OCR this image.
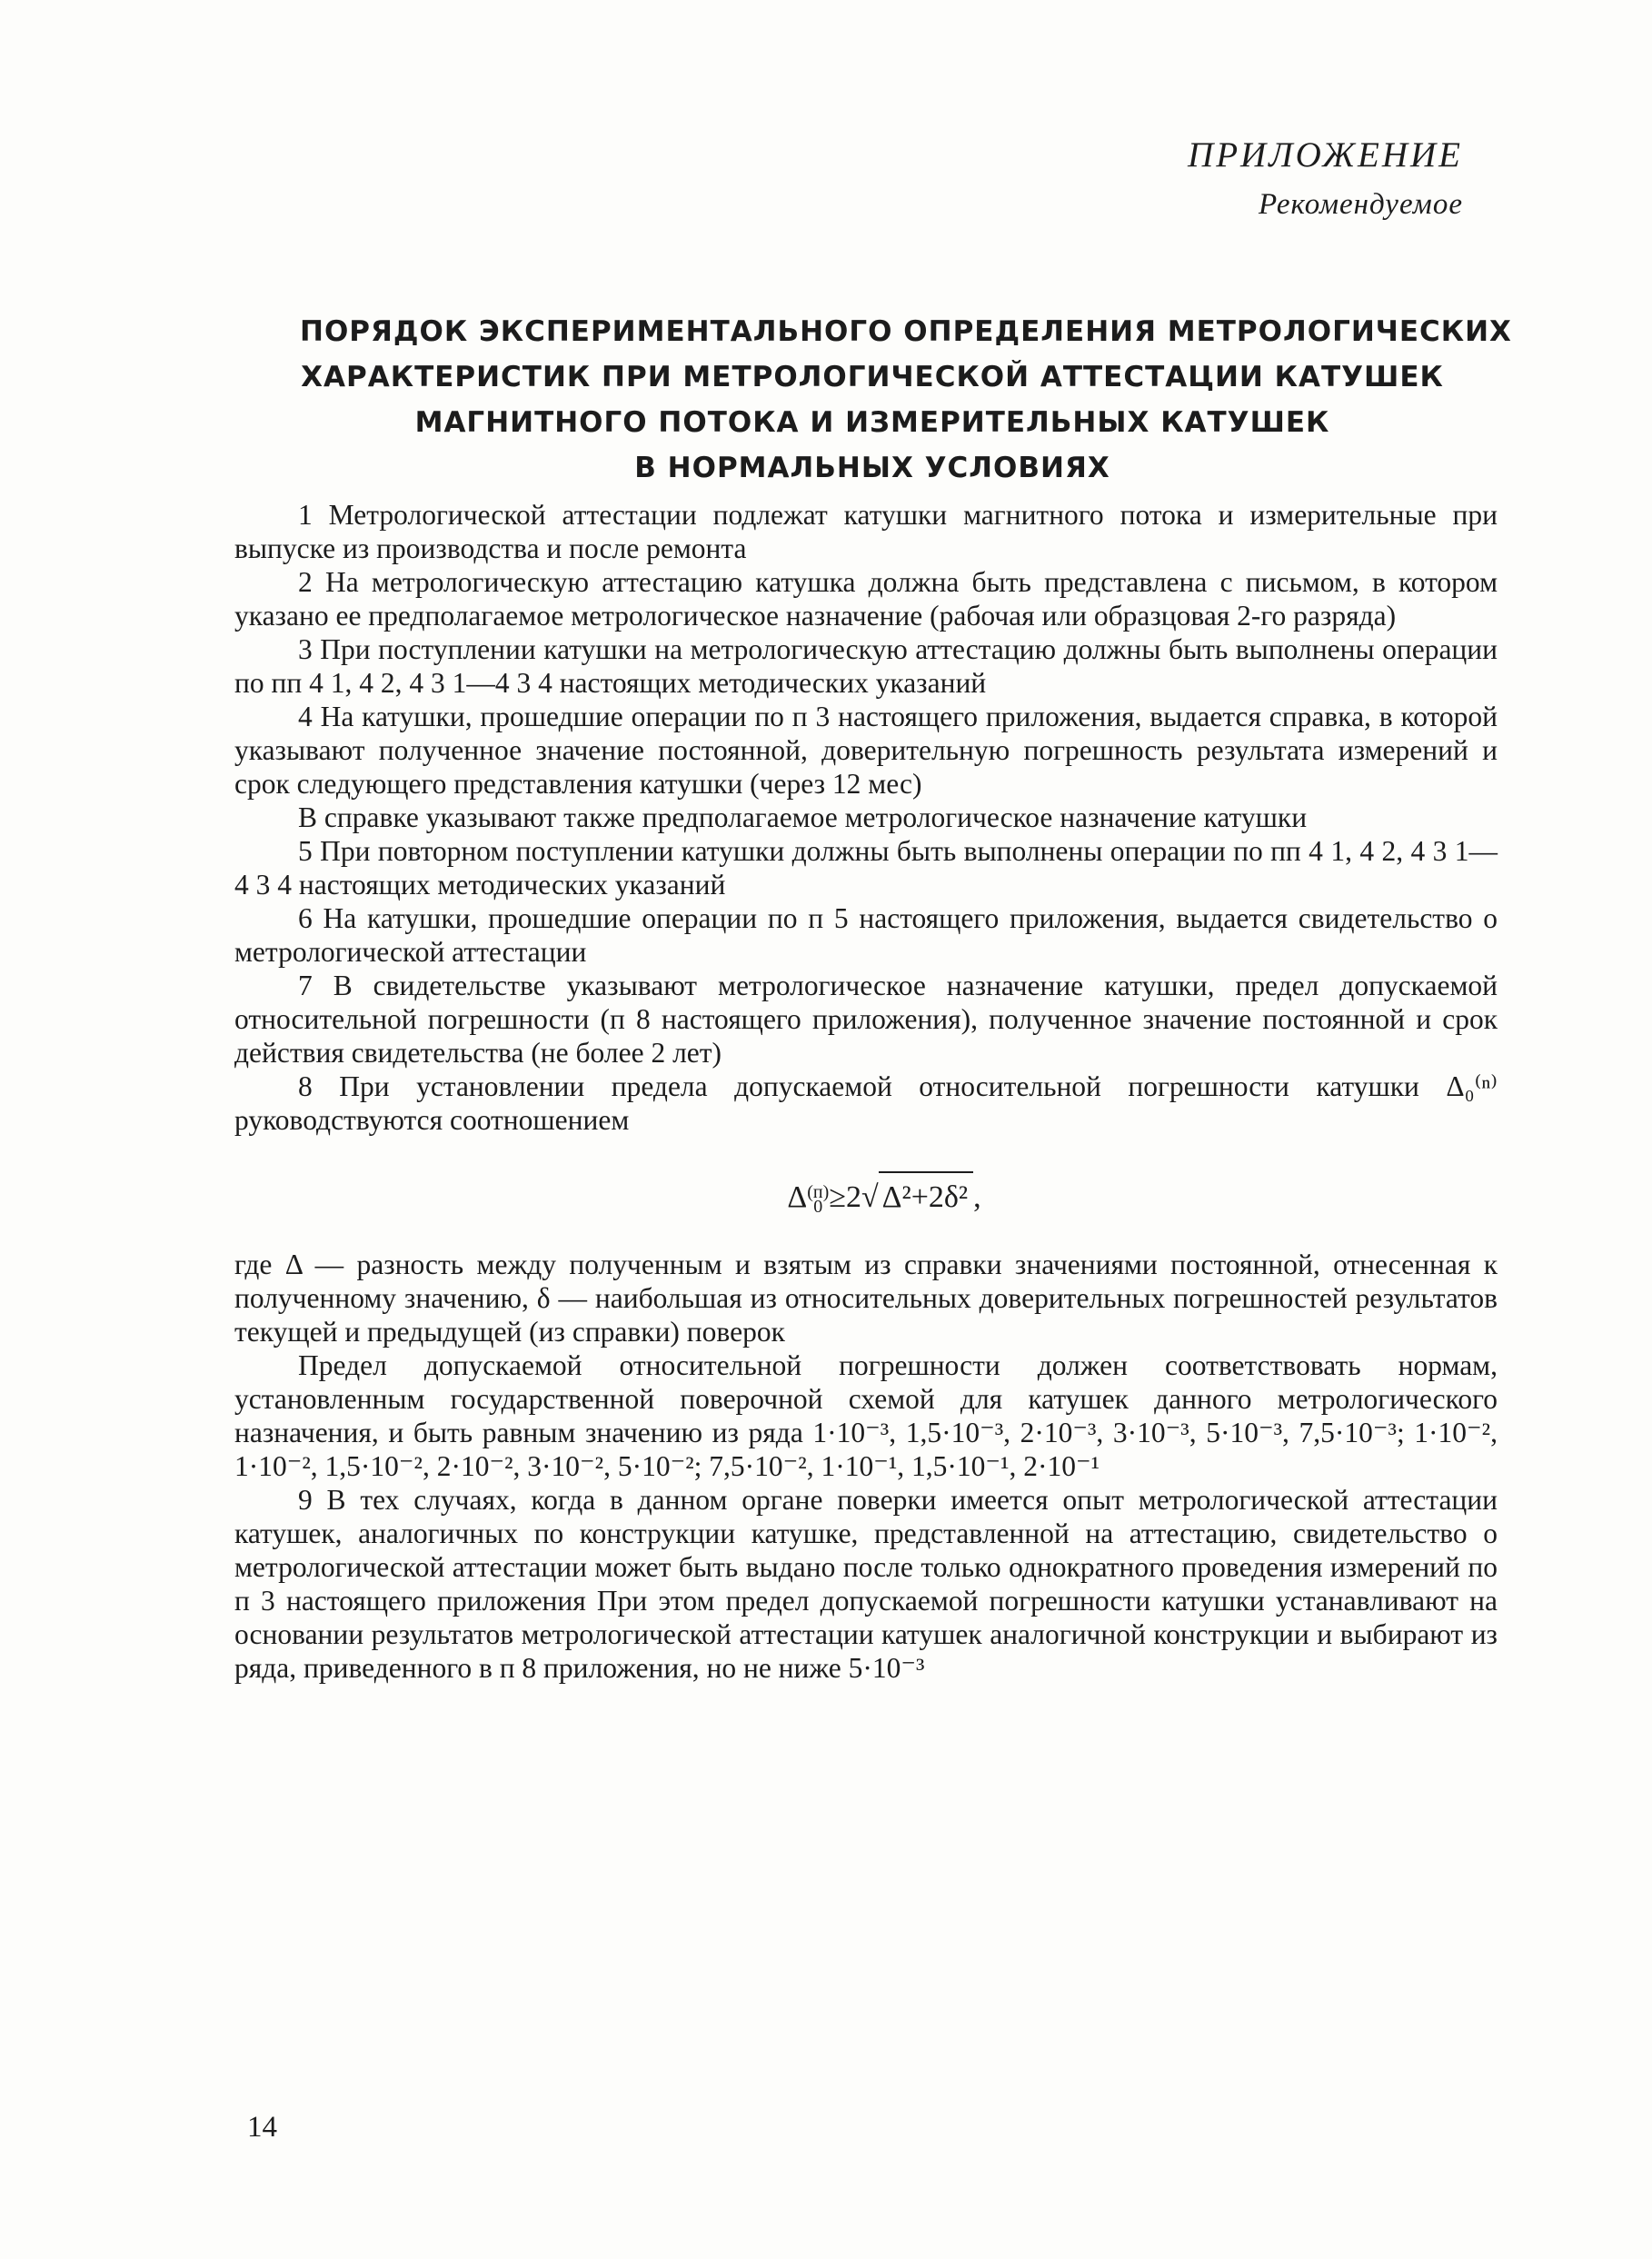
ПРИЛОЖЕНИЕ
Рекомендуемое
ПОРЯДОК ЭКСПЕРИМЕНТАЛЬНОГО ОПРЕДЕЛЕНИЯ МЕТРОЛОГИЧЕСКИХ
ХАРАКТЕРИСТИК ПРИ МЕТРОЛОГИЧЕСКОЙ АТТЕСТАЦИИ КАТУШЕК
МАГНИТНОГО ПОТОКА И ИЗМЕРИТЕЛЬНЫХ КАТУШЕК
В НОРМАЛЬНЫХ УСЛОВИЯХ

1 Метрологической аттестации подлежат катушки магнитного потока и измерительные при выпуске из производства и после ремонта

2 На метрологическую аттестацию катушка должна быть представлена с письмом, в котором указано ее предполагаемое метрологическое назначение (рабочая или образцовая 2-го разряда)

3 При поступлении катушки на метрологическую аттестацию должны быть выполнены операции по пп 4 1, 4 2, 4 3 1—4 3 4 настоящих методических указаний

4 На катушки, прошедшие операции по п 3 настоящего приложения, выдается справка, в которой указывают полученное значение постоянной, доверительную погрешность результата измерений и срок следующего представления катушки (через 12 мес)

В справке указывают также предполагаемое метрологическое назначение катушки

5 При повторном поступлении катушки должны быть выполнены операции по пп 4 1, 4 2, 4 3 1—4 3 4 настоящих методических указаний

6 На катушки, прошедшие операции по п 5 настоящего приложения, выдается свидетельство о метрологической аттестации

7 В свидетельстве указывают метрологическое назначение катушки, предел допускаемой относительной погрешности (п 8 настоящего приложения), полученное значение постоянной и срок действия свидетельства (не более 2 лет)

8 При установлении предела допускаемой относительной погрешности катушки Δ₀⁽ⁿ⁾ руководствуются соотношением

Δ(п)
0 ≥2√ Δ²+2δ² ,

где Δ — разность между полученным и взятым из справки значениями постоянной, отнесенная к полученному значению, δ — наибольшая из относительных доверительных погрешностей результатов текущей и предыдущей (из справки) поверок

Предел допускаемой относительной погрешности должен соответствовать нормам, установленным государственной поверочной схемой для катушек данного метрологического назначения, и быть равным значению из ряда 1·10⁻³, 1,5·10⁻³, 2·10⁻³, 3·10⁻³, 5·10⁻³, 7,5·10⁻³; 1·10⁻², 1·10⁻², 1,5·10⁻², 2·10⁻², 3·10⁻², 5·10⁻²; 7,5·10⁻², 1·10⁻¹, 1,5·10⁻¹, 2·10⁻¹

9 В тех случаях, когда в данном органе поверки имеется опыт метрологической аттестации катушек, аналогичных по конструкции катушке, представленной на аттестацию, свидетельство о метрологической аттестации может быть выдано после только однократного проведения измерений по п 3 настоящего приложения При этом предел допускаемой погрешности катушки устанавливают на основании результатов метрологической аттестации катушек аналогичной конструкции и выбирают из ряда, приведенного в п 8 приложения, но не ниже 5·10⁻³

14
